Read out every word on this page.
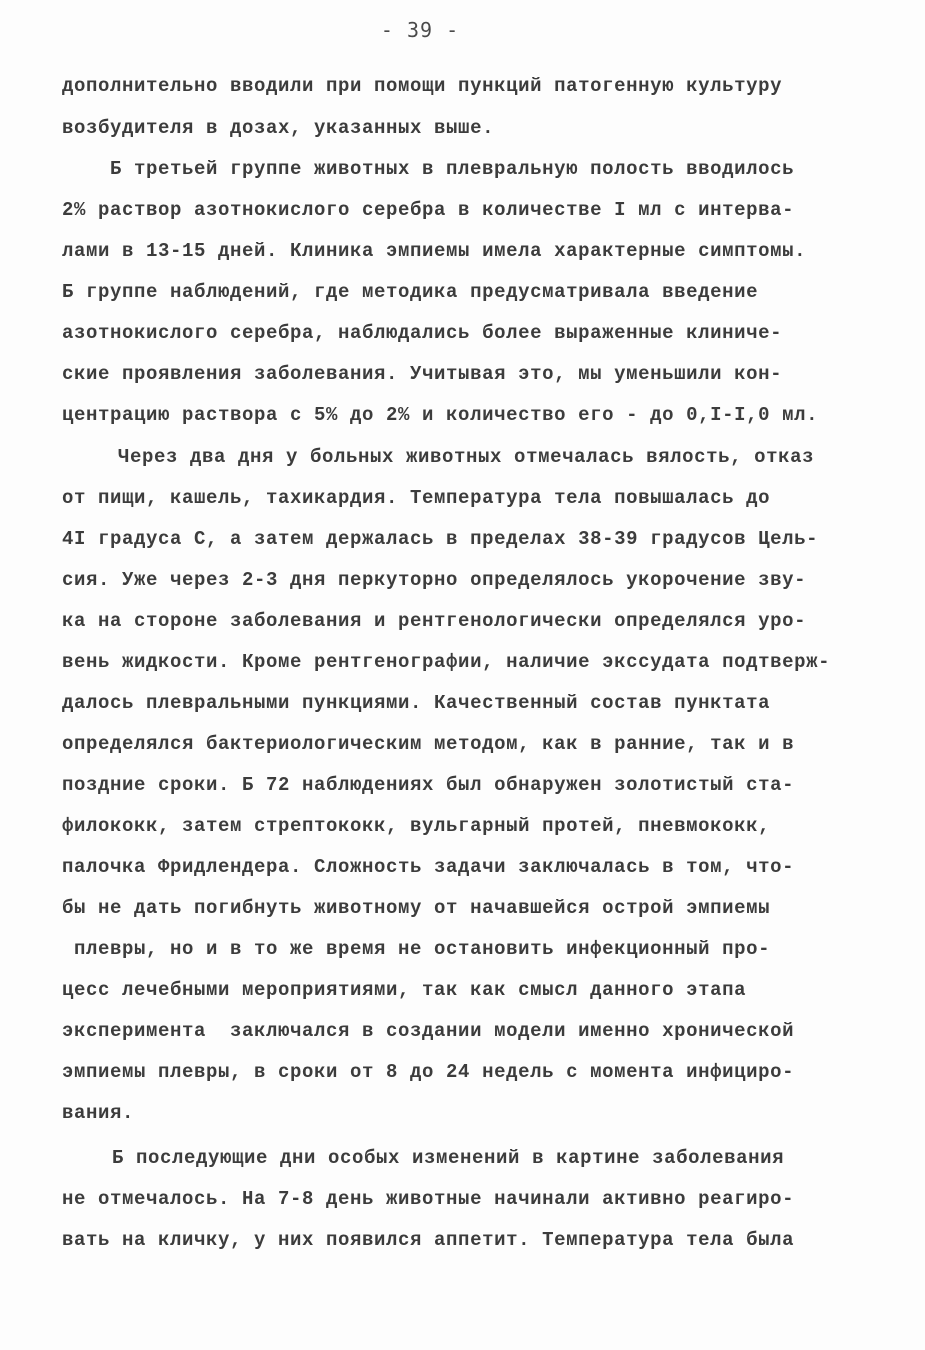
- 39 -
дополнительно вводили при помощи пункций патогенную культуру
возбудителя в дозах, указанных выше.
Б третьей группе животных в плевральную полость вводилось
2% раствор азотнокислого серебра в количестве I мл с интерва-
лами в 13-15 дней. Клиника эмпиемы имела характерные симптомы.
Б группе наблюдений, где методика предусматривала введение
азотнокислого серебра, наблюдались более выраженные клиниче-
ские проявления заболевания. Учитывая это, мы уменьшили кон-
центрацию раствора с 5% до 2% и количество его - до 0,I-I,0 мл.
Через два дня у больных животных отмечалась вялость, отказ
от пищи, кашель, тахикардия. Температура тела повышалась до
4I градуса С, а затем держалась в пределах 38-39 градусов Цель-
сия. Уже через 2-3 дня перкуторно определялось укорочение зву-
ка на стороне заболевания и рентгенологически определялся уро-
вень жидкости. Кроме рентгенографии, наличие экссудата подтверж-
далось плевральными пункциями. Качественный состав пунктата
определялся бактериологическим методом, как в ранние, так и в
поздние сроки. Б 72 наблюдениях был обнаружен золотистый ста-
филококк, затем стрептококк, вульгарный протей, пневмококк,
палочка Фридлендера. Сложность задачи заключалась в том, что-
бы не дать погибнуть животному от начавшейся острой эмпиемы
плевры, но и в то же время не остановить инфекционный про-
цесс лечебными мероприятиями, так как смысл данного этапа
эксперимента  заключался в создании модели именно хронической
эмпиемы плевры, в сроки от 8 до 24 недель с момента инфициро-
вания.
Б последующие дни особых изменений в картине заболевания
не отмечалось. На 7-8 день животные начинали активно реагиро-
вать на кличку, у них появился аппетит. Температура тела была
